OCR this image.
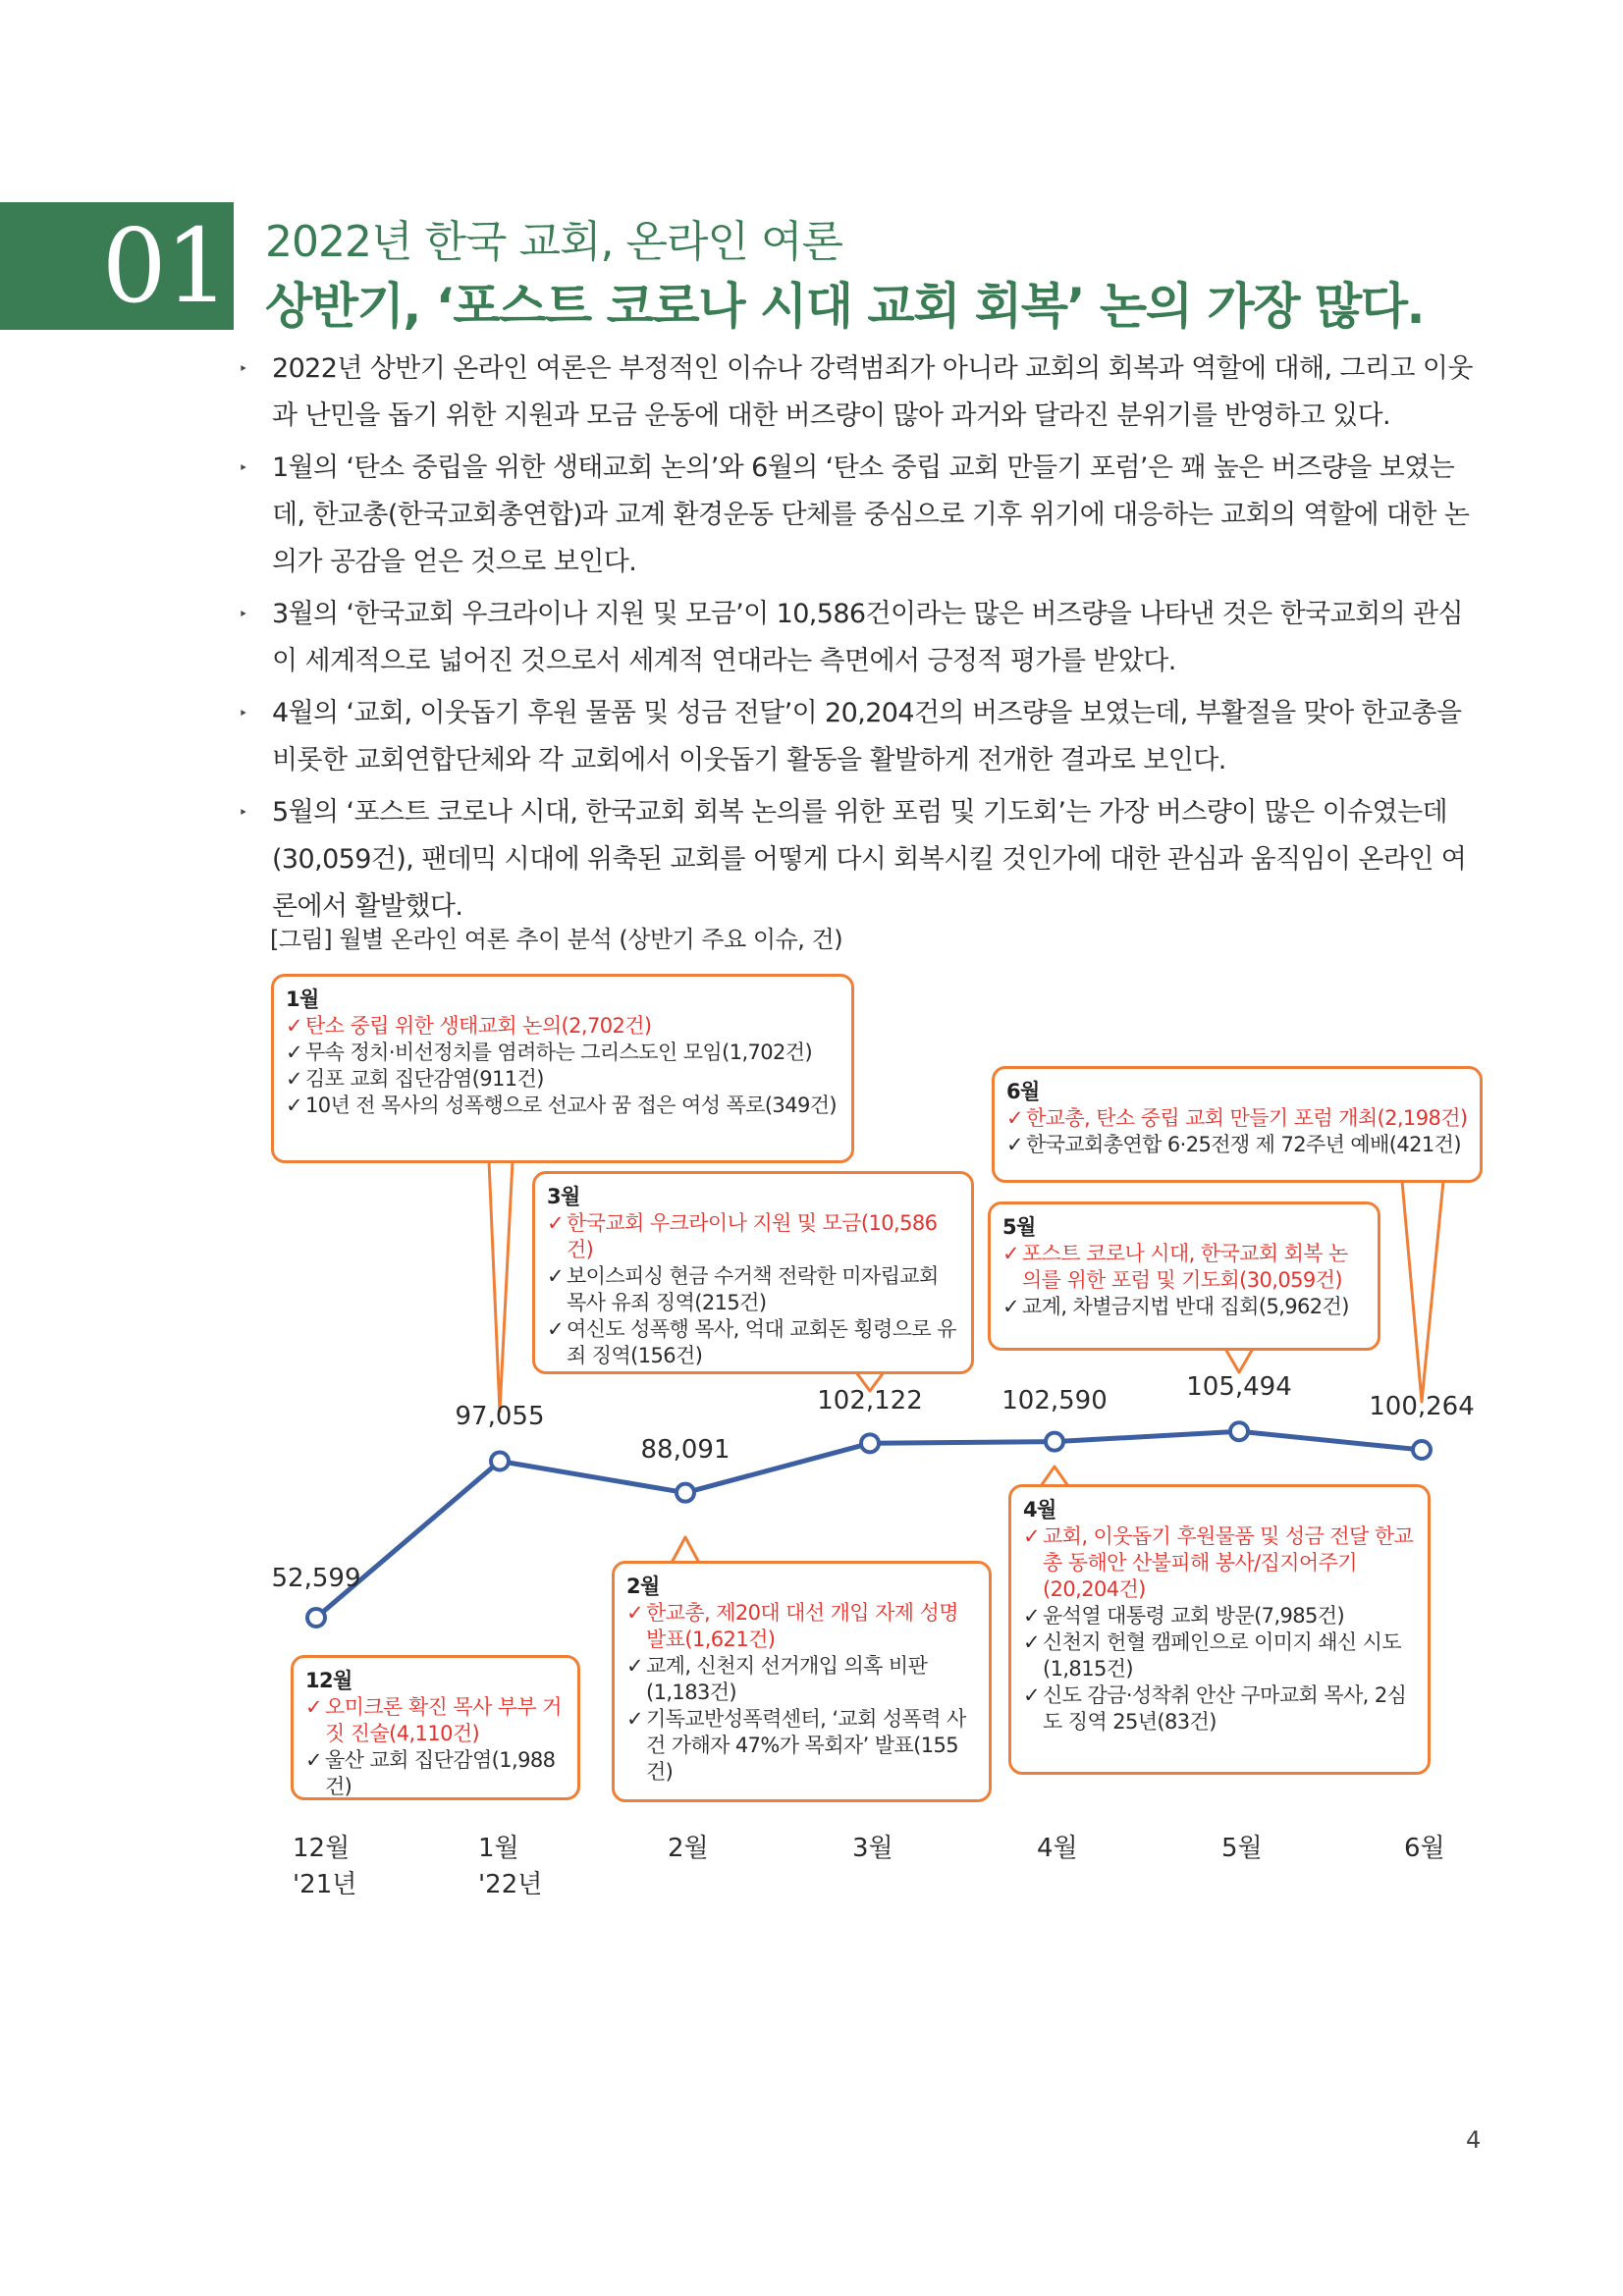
01 2022년 한국 교회, 온라인 여론
상반기, ‘포스트 코로나 시대 교회 회복’ 논의 가장 많다.
‣ 2022년 상반기 온라인 여론은 부정적인 이슈나 강력범죄가 아니라 교회의 회복과 역할에 대해, 그리고 이웃과 난민을 돕기 위한 지원과 모금 운동에 대한 버즈량이 많아 과거와 달라진 분위기를 반영하고 있다.
‣ 1월의 ‘탄소 중립을 위한 생태교회 논의’와 6월의 ‘탄소 중립 교회 만들기 포럼’은 꽤 높은 버즈량을 보였는데, 한교총(한국교회총연합)과 교계 환경운동 단체를 중심으로 기후 위기에 대응하는 교회의 역할에 대한 논의가 공감을 얻은 것으로 보인다.
‣ 3월의 ‘한국교회 우크라이나 지원 및 모금’이 10,586건이라는 많은 버즈량을 나타낸 것은 한국교회의 관심이 세계적으로 넓어진 것으로서 세계적 연대라는 측면에서 긍정적 평가를 받았다.
‣ 4월의 ‘교회, 이웃돕기 후원 물품 및 성금 전달’이 20,204건의 버즈량을 보였는데, 부활절을 맞아 한교총을 비롯한 교회연합단체와 각 교회에서 이웃돕기 활동을 활발하게 전개한 결과로 보인다.
‣ 5월의 ‘포스트 코로나 시대, 한국교회 회복 논의를 위한 포럼 및 기도회’는 가장 버스량이 많은 이슈였는데(30,059건), 팬데믹 시대에 위축된 교회를 어떻게 다시 회복시킬 것인가에 대한 관심과 움직임이 온라인 여론에서 활발했다.
[그림] 월별 온라인 여론 추이 분석 (상반기 주요 이슈, 건)
1월
✓ 탄소 중립 위한 생태교회 논의(2,702건)
✓ 무속 정치·비선정치를 염려하는 그리스도인 모임(1,702건)
✓ 김포 교회 집단감염(911건)
✓ 10년 전 목사의 성폭행으로 선교사 꿈 접은 여성 폭로(349건)
6월
✓ 한교총, 탄소 중립 교회 만들기 포럼 개최(2,198건)
✓ 한국교회총연합 6·25전쟁 제 72주년 예배(421건)
3월
✓ 한국교회 우크라이나 지원 및 모금(10,586건)
✓ 보이스피싱 현금 수거책 전락한 미자립교회 목사 유죄 징역(215건)
✓ 여신도 성폭행 목사, 억대 교회돈 횡령으로 유죄 징역(156건)
5월
✓ 포스트 코로나 시대, 한국교회 회복 논의를 위한 포럼 및 기도회(30,059건)
✓ 교계, 차별금지법 반대 집회(5,962건)
12월
✓ 오미크론 확진 목사 부부 거짓 진술(4,110건)
✓ 울산 교회 집단감염(1,988건)
2월
✓ 한교총, 제20대 대선 개입 자제 성명 발표(1,621건)
✓ 교계, 신천지 선거개입 의혹 비판 (1,183건)
✓ 기독교반성폭력센터, ‘교회 성폭력 사건 가해자 47%가 목회자’ 발표(155건)
4월
✓ 교회, 이웃돕기 후원물품 및 성금 전달 한교총 동해안 산불피해 봉사/집지어주기 (20,204건)
✓ 윤석열 대통령 교회 방문(7,985건)
✓ 신천지 헌혈 캠페인으로 이미지 쇄신 시도 (1,815건)
✓ 신도 감금·성착취 안산 구마교회 목사, 2심도 징역 25년(83건)
52,599
97,055
88,091
102,122	102,590	105,494
100,264
12월
'21년
1월
'22년
2월	3월	4월	5월	6월
4
